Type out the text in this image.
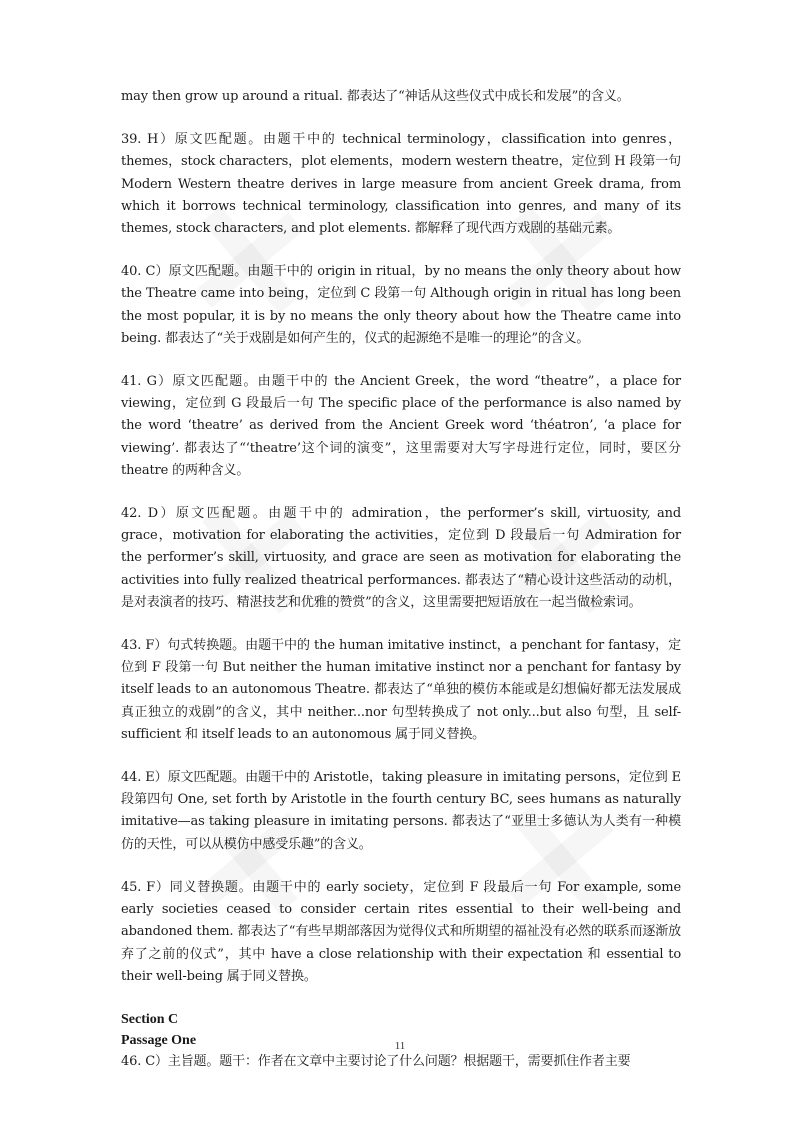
may then grow up around a ritual. 都表达了“神话从这些仪式中成长和发展”的含义。

39. H）原文匹配题。由题干中的 technical terminology，classification into genres，themes，stock characters，plot elements，modern western theatre，定位到 H 段第一句 Modern Western theatre derives in large measure from ancient Greek drama, from which it borrows technical terminology, classification into genres, and many of its themes, stock characters, and plot elements. 都解释了现代西方戏剧的基础元素。

40. C）原文匹配题。由题干中的 origin in ritual，by no means the only theory about how the Theatre came into being，定位到 C 段第一句 Although origin in ritual has long been the most popular, it is by no means the only theory about how the Theatre came into being. 都表达了“关于戏剧是如何产生的，仪式的起源绝不是唯一的理论”的含义。

41. G）原文匹配题。由题干中的 the Ancient Greek，the word “theatre”，a place for viewing，定位到 G 段最后一句 The specific place of the performance is also named by the word ‘theatre’ as derived from the Ancient Greek word ‘théatron’, ‘a place for viewing’. 都表达了“‘theatre’这个词的演变”，这里需要对大写字母进行定位，同时，要区分 theatre 的两种含义。

42. D）原文匹配题。由题干中的 admiration，the performer’s skill, virtuosity, and grace，motivation for elaborating the activities，定位到 D 段最后一句 Admiration for the performer’s skill, virtuosity, and grace are seen as motivation for elaborating the activities into fully realized theatrical performances. 都表达了“精心设计这些活动的动机，是对表演者的技巧、精湛技艺和优雅的赞赏”的含义，这里需要把短语放在一起当做检索词。

43. F）句式转换题。由题干中的 the human imitative instinct，a penchant for fantasy，定位到 F 段第一句 But neither the human imitative instinct nor a penchant for fantasy by itself leads to an autonomous Theatre. 都表达了“单独的模仿本能或是幻想偏好都无法发展成真正独立的戏剧”的含义，其中 neither...nor 句型转换成了 not only...but also 句型，且 self-sufficient 和 itself leads to an autonomous 属于同义替换。

44. E）原文匹配题。由题干中的 Aristotle，taking pleasure in imitating persons，定位到 E 段第四句 One, set forth by Aristotle in the fourth century BC, sees humans as naturally imitative—as taking pleasure in imitating persons. 都表达了“亚里士多德认为人类有一种模仿的天性，可以从模仿中感受乐趣”的含义。

45. F）同义替换题。由题干中的 early society，定位到 F 段最后一句 For example, some early societies ceased to consider certain rites essential to their well-being and abandoned them. 都表达了“有些早期部落因为觉得仪式和所期望的福祉没有必然的联系而逐渐放弃了之前的仪式”，其中 have a close relationship with their expectation 和 essential to their well-being 属于同义替换。

Section C
Passage One

46. C）主旨题。题干：作者在文章中主要讨论了什么问题？根据题干，需要抓住作者主要

11
